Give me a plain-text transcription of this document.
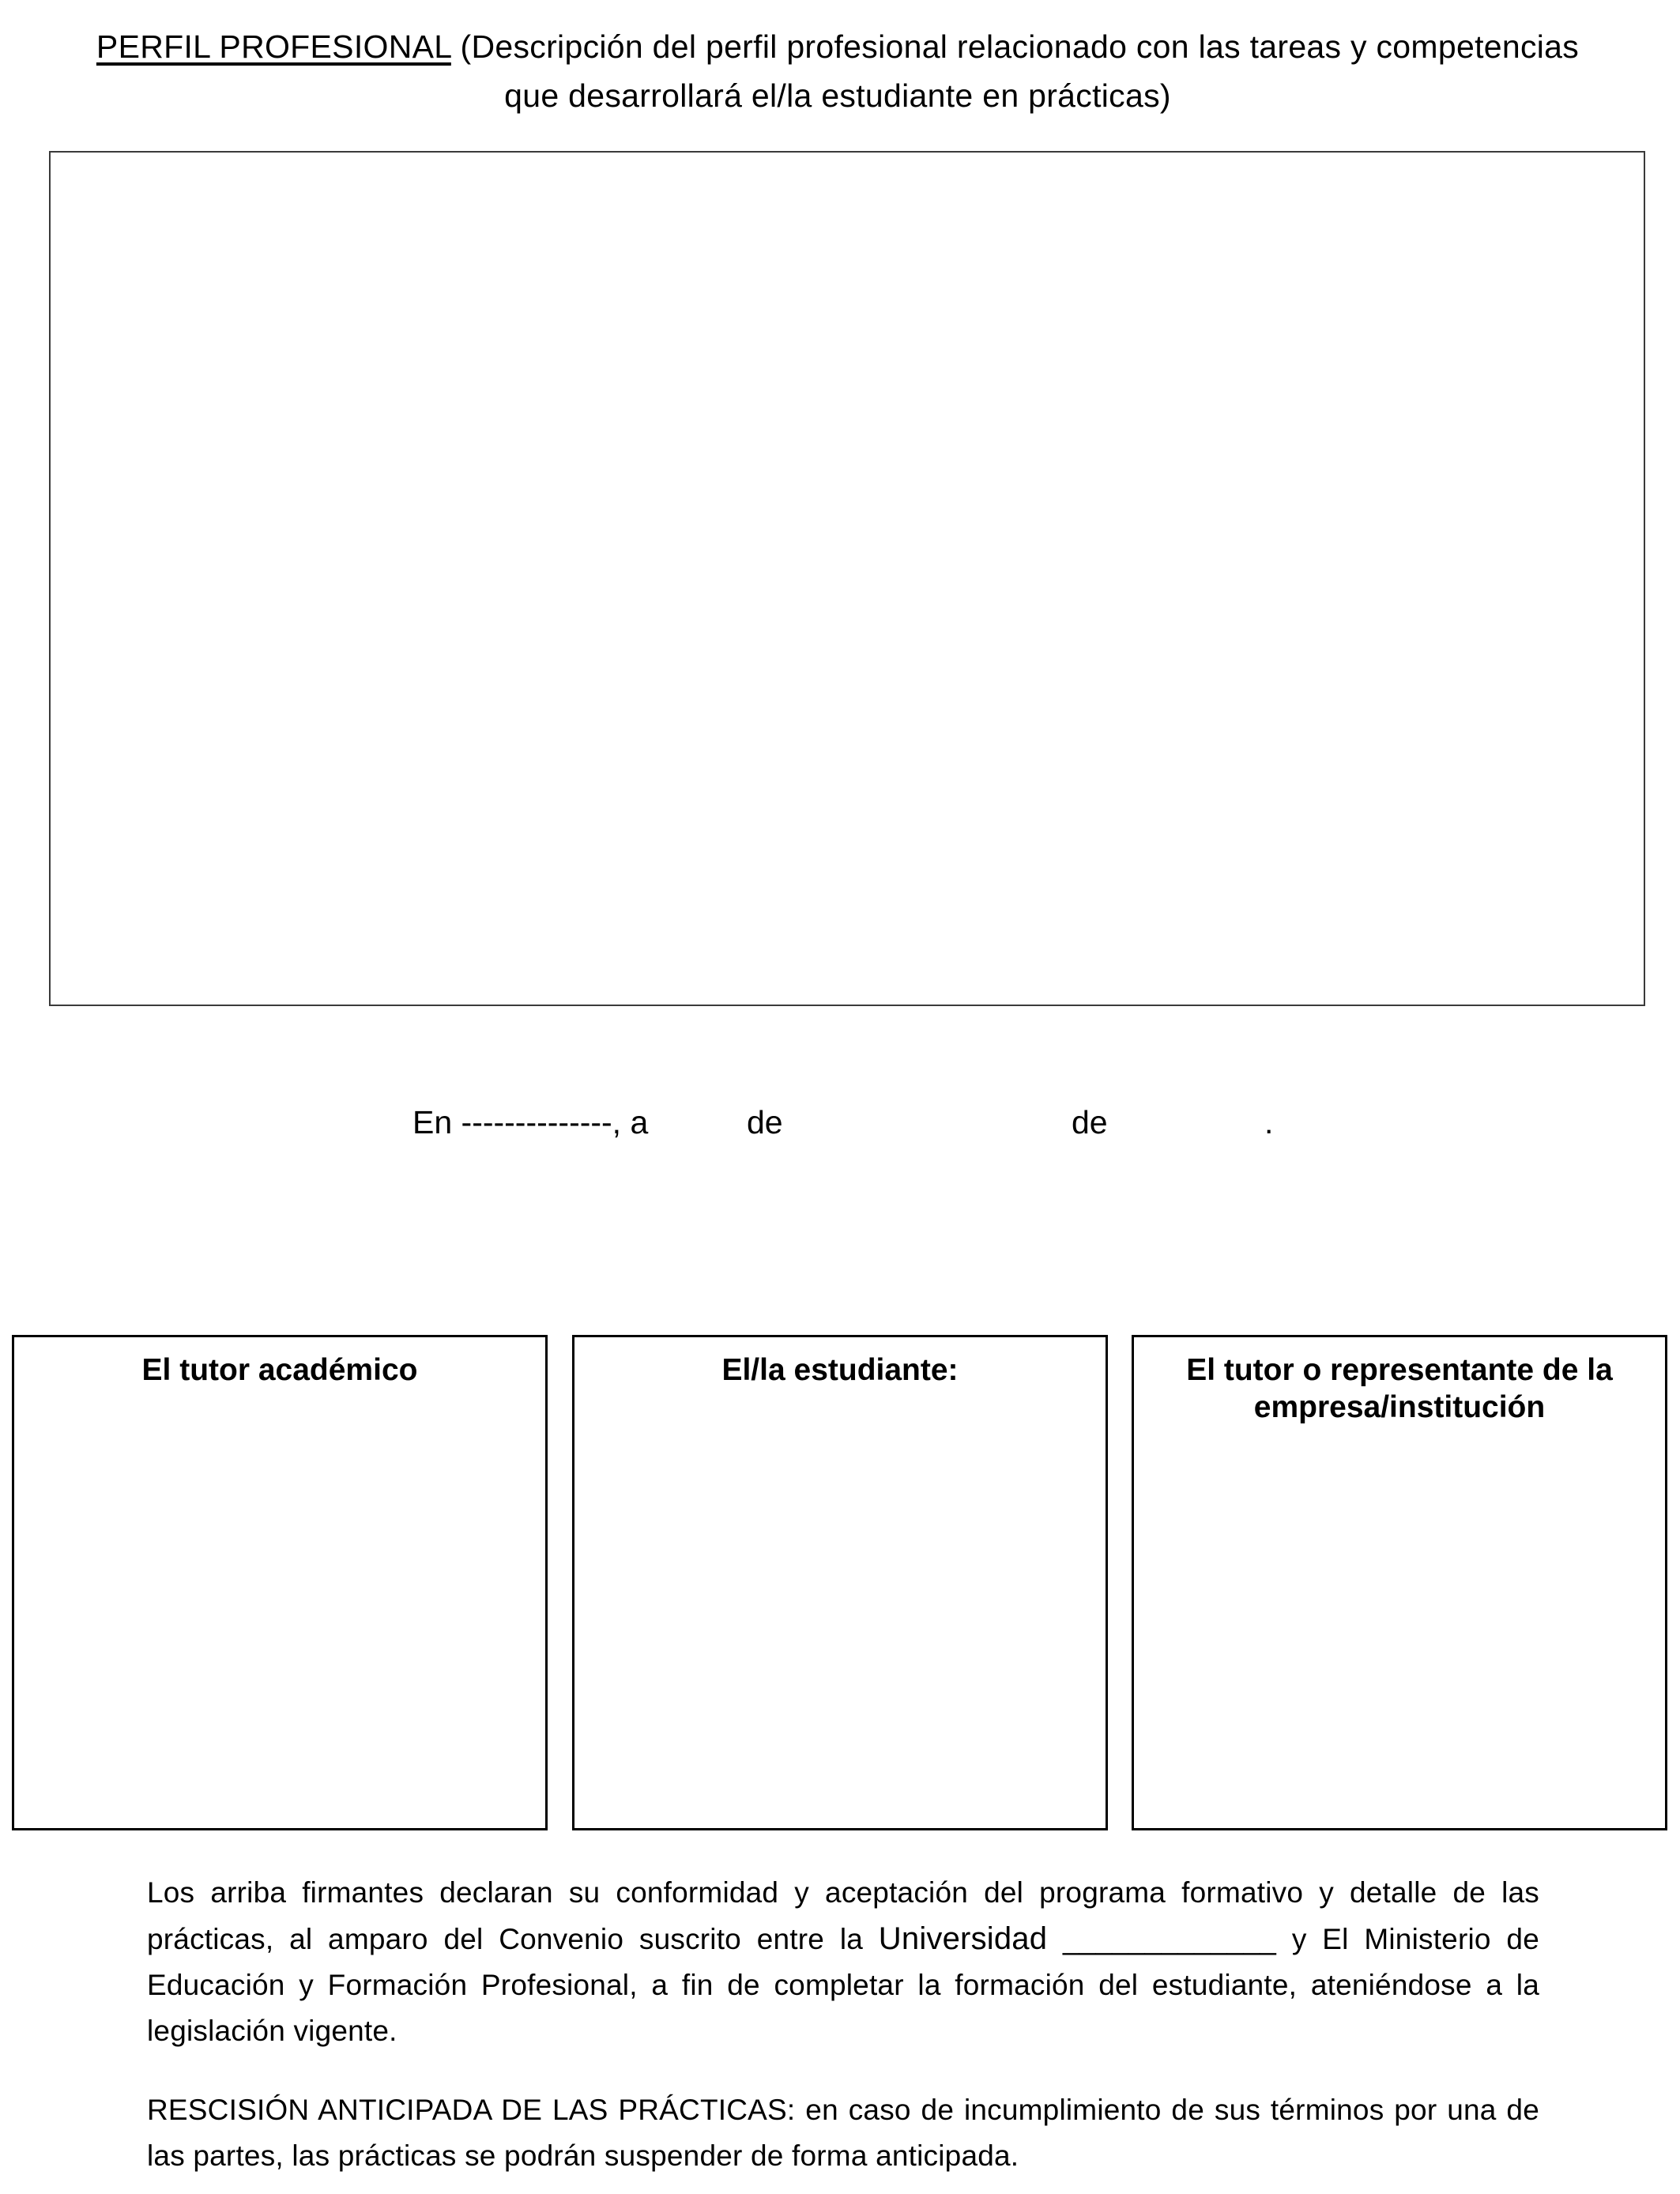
PERFIL PROFESIONAL (Descripción del perfil profesional relacionado con las tareas y competencias
que desarrollará el/la estudiante en prácticas)
En --------------, a	de	de	.
El tutor académico	El/la estudiante:	El tutor o representante de la empresa/institución
Los arriba firmantes declaran su conformidad y aceptación del programa formativo y detalle de las prácticas, al amparo del Convenio suscrito entre la Universidad _____________ y El Ministerio de Educación y Formación Profesional, a fin de completar la formación del estudiante, ateniéndose a la legislación vigente.
RESCISIÓN ANTICIPADA DE LAS PRÁCTICAS: en caso de incumplimiento de sus términos por una de las partes, las prácticas se podrán suspender de forma anticipada.
